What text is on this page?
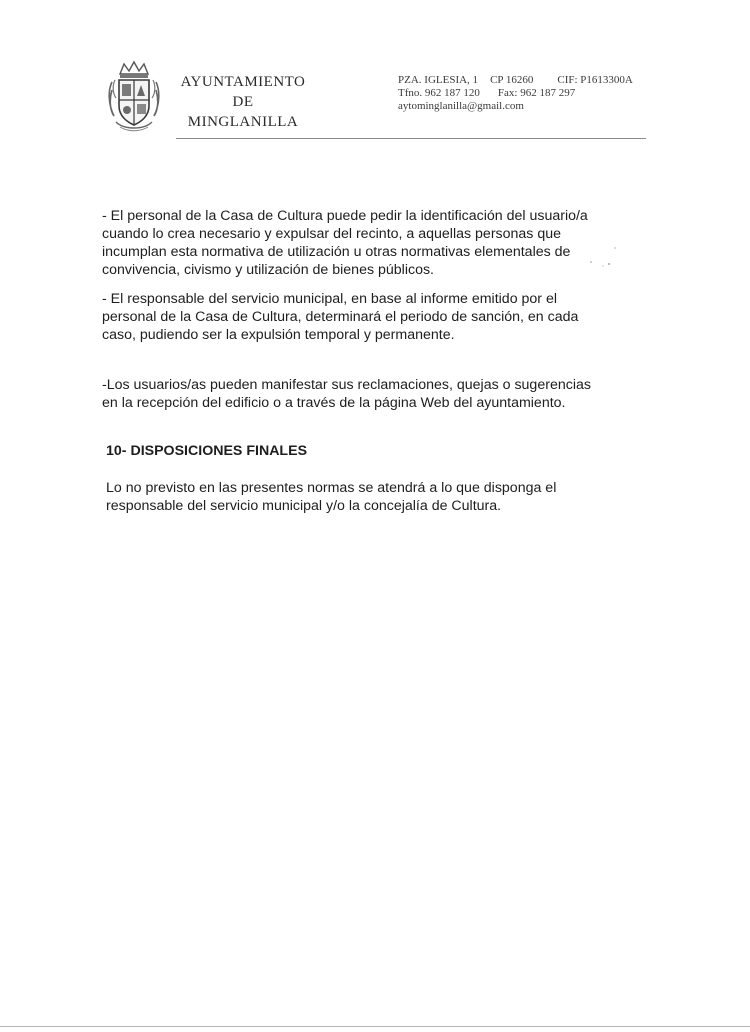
AYUNTAMIENTO
DE
MINGLANILLA
PZA. IGLESIA, 1 CP 16260 CIF: P1613300A
Tfno. 962 187 120 Fax: 962 187 297
aytominglanilla@gmail.com
- El personal de la Casa de Cultura puede pedir la identificación del usuario/a
cuando lo crea necesario y expulsar del recinto, a aquellas personas que
incumplan esta normativa de utilización u otras normativas elementales de
convivencia, civismo y utilización de bienes públicos.
- El responsable del servicio municipal, en base al informe emitido por el
personal de la Casa de Cultura, determinará el periodo de sanción, en cada
caso, pudiendo ser la expulsión temporal y permanente.
-Los usuarios/as pueden manifestar sus reclamaciones, quejas o sugerencias
en la recepción del edificio o a través de la página Web del ayuntamiento.
10- DISPOSICIONES FINALES
Lo no previsto en las presentes normas se atendrá a lo que disponga el
responsable del servicio municipal y/o la concejalía de Cultura.
